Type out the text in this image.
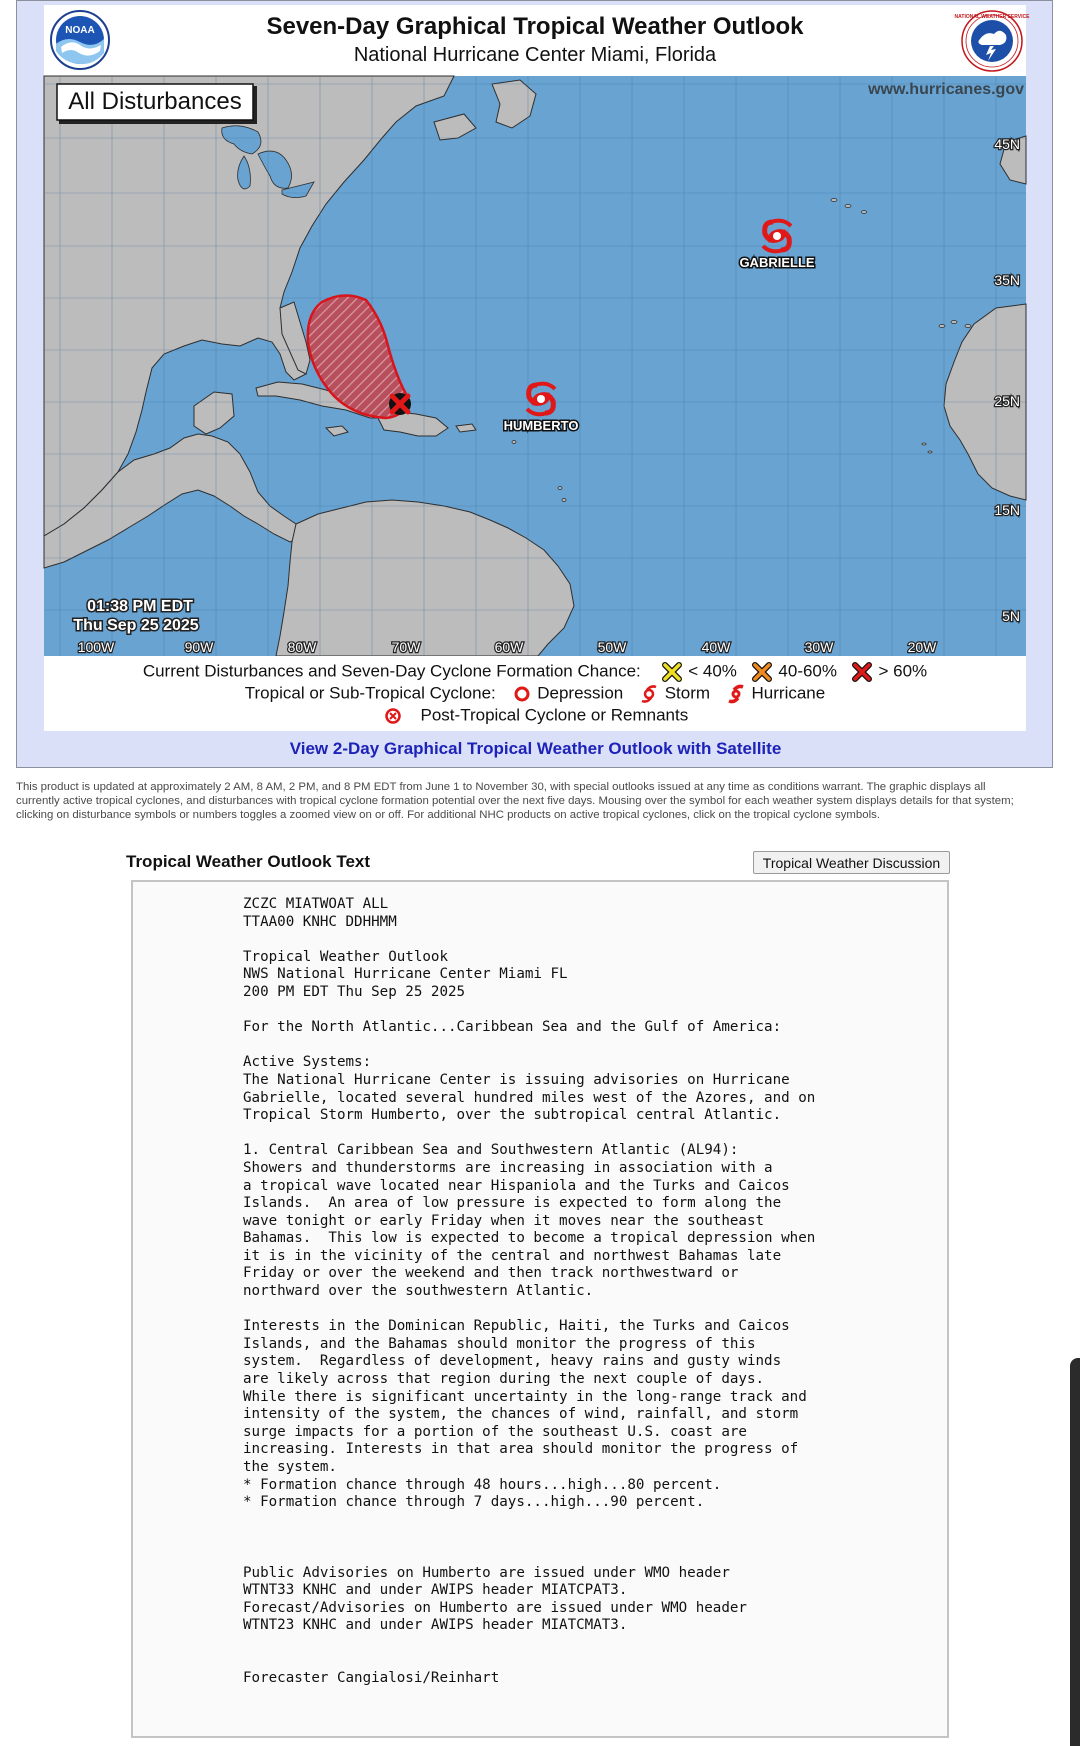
NOAA	Seven-Day Graphical Tropical Weather Outlook
National Hurricane Center Miami, Florida
NATIONAL WEATHER SERVICE
GABRIELLE
HUMBERTO
All Disturbances	www.hurricanes.gov
45N
35N
25N
15N
5N
100W	90W	80W	70W	60W	50W	40W	30W	20W
01:38 PM EDT
Thu Sep 25 2025
Current Disturbances and Seven-Day Cyclone Formation Chance:	< 40% 40-60% > 60%
Tropical or Sub-Tropical Cyclone: Depression Storm Hurricane
Post-Tropical Cyclone or Remnants
View 2-Day Graphical Tropical Weather Outlook with Satellite
This product is updated at approximately 2 AM, 8 AM, 2 PM, and 8 PM EDT from June 1 to November 30, with special outlooks issued at any time as conditions warrant. The graphic displays all currently active tropical cyclones, and disturbances with tropical cyclone formation potential over the next five days. Mousing over the symbol for each weather system displays details for that system; clicking on disturbance symbols or numbers toggles a zoomed view on or off. For additional NHC products on active tropical cyclones, click on the tropical cyclone symbols.
Tropical Weather Outlook Text	Tropical Weather Discussion
ZCZC MIATWOAT ALL
TTAA00 KNHC DDHHMM

Tropical Weather Outlook
NWS National Hurricane Center Miami FL
200 PM EDT Thu Sep 25 2025

For the North Atlantic...Caribbean Sea and the Gulf of America:

Active Systems:
The National Hurricane Center is issuing advisories on Hurricane
Gabrielle, located several hundred miles west of the Azores, and on
Tropical Storm Humberto, over the subtropical central Atlantic.

1. Central Caribbean Sea and Southwestern Atlantic (AL94):
Showers and thunderstorms are increasing in association with a
a tropical wave located near Hispaniola and the Turks and Caicos
Islands.  An area of low pressure is expected to form along the
wave tonight or early Friday when it moves near the southeast
Bahamas.  This low is expected to become a tropical depression when
it is in the vicinity of the central and northwest Bahamas late
Friday or over the weekend and then track northwestward or
northward over the southwestern Atlantic.

Interests in the Dominican Republic, Haiti, the Turks and Caicos
Islands, and the Bahamas should monitor the progress of this
system.  Regardless of development, heavy rains and gusty winds
are likely across that region during the next couple of days.
While there is significant uncertainty in the long-range track and
intensity of the system, the chances of wind, rainfall, and storm
surge impacts for a portion of the southeast U.S. coast are
increasing. Interests in that area should monitor the progress of
the system.
* Formation chance through 48 hours...high...80 percent.
* Formation chance through 7 days...high...90 percent.

Public Advisories on Humberto are issued under WMO header
WTNT33 KNHC and under AWIPS header MIATCPAT3.
Forecast/Advisories on Humberto are issued under WMO header
WTNT23 KNHC and under AWIPS header MIATCMAT3.

Forecaster Cangialosi/Reinhart
